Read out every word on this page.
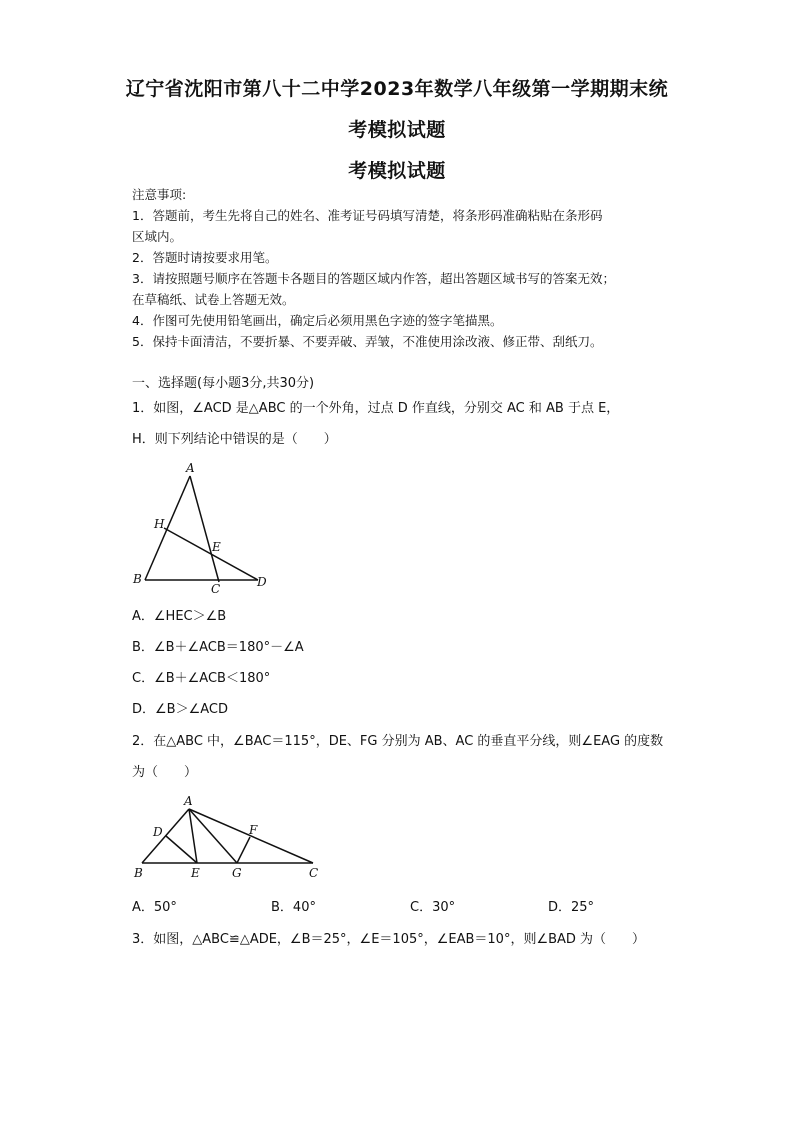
辽宁省沈阳市第八十二中学2023年数学八年级第一学期期末统
考模拟试题
考模拟试题
注意事项:
1．答题前，考生先将自己的姓名、准考证号码填写清楚，将条形码准确粘贴在条形码
区域内。
2．答题时请按要求用笔。
3．请按照题号顺序在答题卡各题目的答题区域内作答，超出答题区域书写的答案无效；
在草稿纸、试卷上答题无效。
4．作图可先使用铅笔画出，确定后必须用黑色字迹的签字笔描黑。
5．保持卡面清洁，不要折暴、不要弄破、弄皱，不准使用涂改液、修正带、刮纸刀。
一、选择题(每小题3分,共30分)
1．如图，∠ACD 是△ABC 的一个外角，过点 D 作直线，分别交 AC 和 AB 于点 E，
H．则下列结论中错误的是（　　）
A
H
E
B
C	D
A．∠HEC＞∠B
B．∠B＋∠ACB＝180°－∠A
C．∠B＋∠ACB＜180°
D．∠B＞∠ACD
2．在△ABC 中，∠BAC＝115°，DE、FG 分别为 AB、AC 的垂直平分线，则∠EAG 的度数
为（　　）
A
D	F
B	E	G	C
A．50°	B．40°	C．30°	D．25°
3．如图，△ABC≌△ADE，∠B＝25°，∠E＝105°，∠EAB＝10°，则∠BAD 为（　　）
